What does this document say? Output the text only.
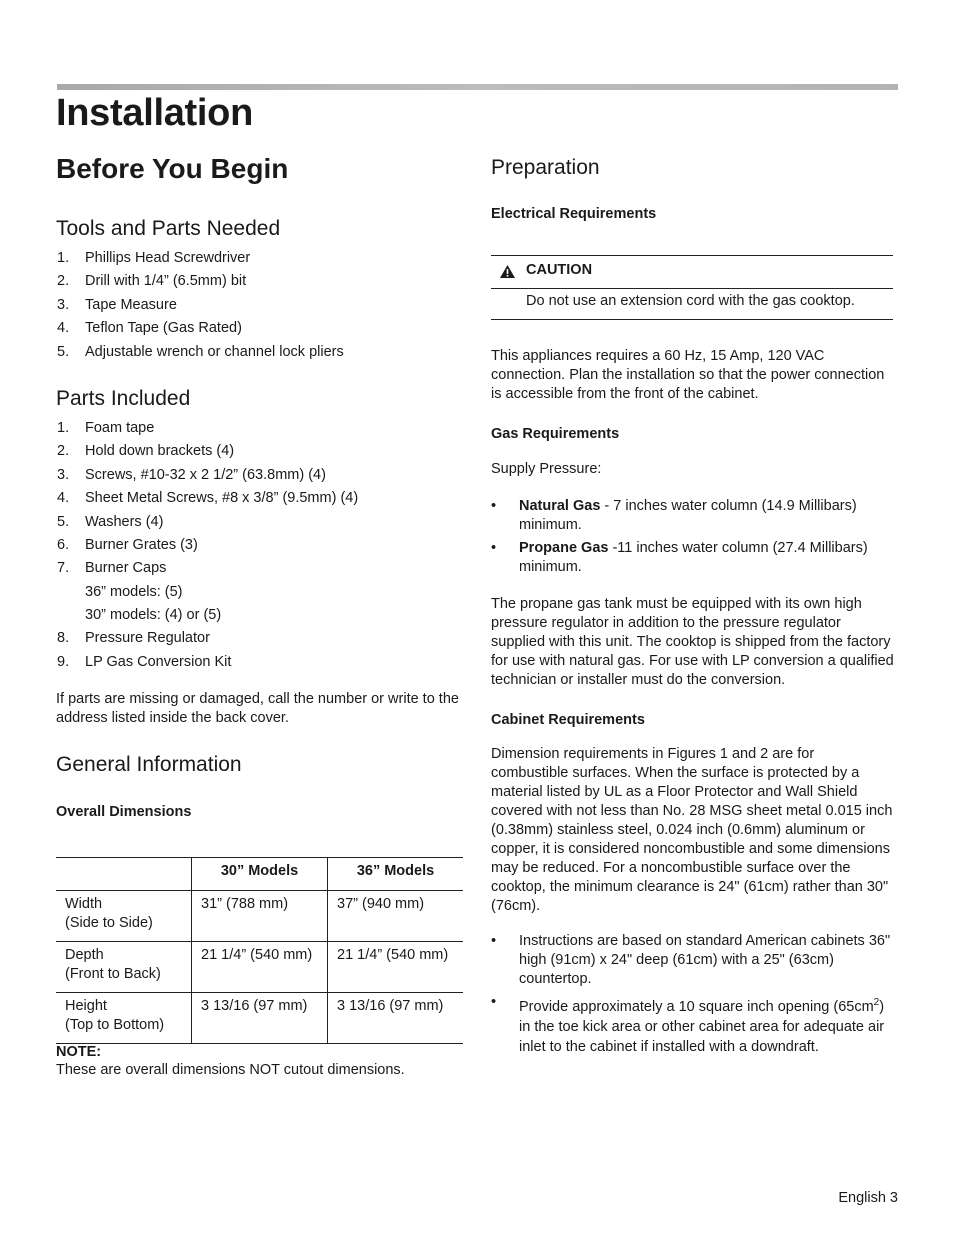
Installation
Before You Begin
Tools and Parts Needed
1. Phillips Head Screwdriver
2. Drill with 1/4” (6.5mm) bit
3. Tape Measure
4. Teflon Tape (Gas Rated)
5. Adjustable wrench or channel lock pliers
Parts Included
1. Foam tape
2. Hold down brackets (4)
3. Screws, #10-32 x 2 1/2” (63.8mm) (4)
4. Sheet Metal Screws, #8 x 3/8” (9.5mm) (4)
5. Washers (4)
6. Burner Grates (3)
7. Burner Caps
36” models: (5)
30” models: (4) or (5)
8. Pressure Regulator
9. LP Gas Conversion Kit
If parts are missing or damaged, call the number or write to the address listed inside the back cover.
General Information
Overall Dimensions
	30” Models	36” Models

Width
(Side to Side)	31” (788 mm)	37” (940 mm)

Depth
(Front to Back)	21 1/4” (540 mm)	21 1/4” (540 mm)

Height
(Top to Bottom)	3 13/16 (97 mm)	3 13/16 (97 mm)
NOTE:
These are overall dimensions NOT cutout dimensions.
Preparation
Electrical Requirements
CAUTION
Do not use an extension cord with the gas cooktop.
This appliances requires a 60 Hz, 15 Amp, 120 VAC connection. Plan the installation so that the power connection is accessible from the front of the cabinet.
Gas Requirements
Supply Pressure:
• Natural Gas - 7 inches water column (14.9 Millibars) minimum.
• Propane Gas -11 inches water column (27.4 Millibars) minimum.
The propane gas tank must be equipped with its own high pressure regulator in addition to the pressure regulator supplied with this unit. The cooktop is shipped from the factory for use with natural gas. For use with LP conversion a qualified technician or installer must do the conversion.
Cabinet Requirements
Dimension requirements in Figures 1 and 2 are for combustible surfaces. When the surface is protected by a material listed by UL as a Floor Protector and Wall Shield covered with not less than No. 28 MSG sheet metal 0.015 inch (0.38mm) stainless steel, 0.024 inch (0.6mm) aluminum or copper, it is considered noncombustible and some dimensions may be reduced. For a noncombustible surface over the cooktop, the minimum clearance is 24" (61cm) rather than 30" (76cm).
• Instructions are based on standard American cabinets 36" high (91cm) x 24" deep (61cm) with a 25" (63cm) countertop.
• Provide approximately a 10 square inch opening $(65cm^2)$ in the toe kick area or other cabinet area for adequate air inlet to the cabinet if installed with a downdraft.
English 3
